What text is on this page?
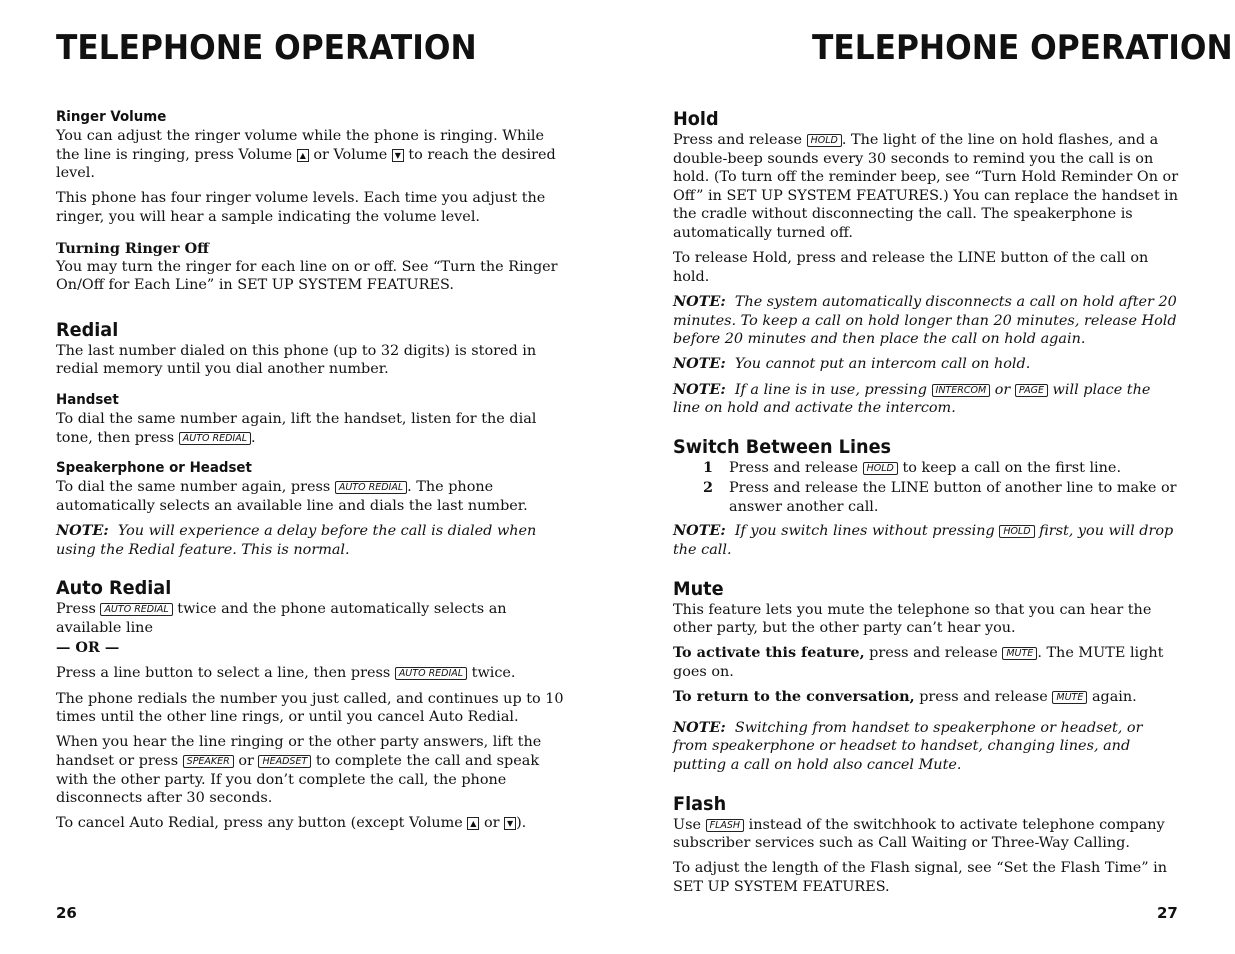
TELEPHONE OPERATION
Ringer Volume

You can adjust the ringer volume while the phone is ringing. While the line is ringing, press Volume ▲ or Volume ▼ to reach the desired level.

This phone has four ringer volume levels. Each time you adjust the ringer, you will hear a sample indicating the volume level.

Turning Ringer Off

You may turn the ringer for each line on or off. See “Turn the Ringer On/Off for Each Line” in SET UP SYSTEM FEATURES.

Redial

The last number dialed on this phone (up to 32 digits) is stored in redial memory until you dial another number.

Handset

To dial the same number again, lift the handset, listen for the dial tone, then press AUTO REDIAL .

Speakerphone or Headset

To dial the same number again, press AUTO REDIAL . The phone automatically selects an available line and dials the last number.

NOTE: You will experience a delay before the call is dialed when using the Redial feature. This is normal.

Auto Redial

Press AUTO REDIAL twice and the phone automatically selects an available line

— OR —

Press a line button to select a line, then press AUTO REDIAL twice.

The phone redials the number you just called, and continues up to 10 times until the other line rings, or until you cancel Auto Redial.

When you hear the line ringing or the other party answers, lift the handset or press SPEAKER or HEADSET to complete the call and speak with the other party. If you don’t complete the call, the phone disconnects after 30 seconds.

To cancel Auto Redial, press any button (except Volume ▲ or ▼ ).

26
TELEPHONE OPERATION
Hold

Press and release HOLD . The light of the line on hold flashes, and a double-beep sounds every 30 seconds to remind you the call is on hold. (To turn off the reminder beep, see “Turn Hold Reminder On or Off” in SET UP SYSTEM FEATURES.) You can replace the handset in the cradle without disconnecting the call. The speakerphone is automatically turned off.

To release Hold, press and release the LINE button of the call on hold.

NOTE: The system automatically disconnects a call on hold after 20 minutes. To keep a call on hold longer than 20 minutes, release Hold before 20 minutes and then place the call on hold again.

NOTE: You cannot put an intercom call on hold.

NOTE: If a line is in use, pressing INTERCOM or PAGE will place the line on hold and activate the intercom.

Switch Between Lines
1	Press and release HOLD to keep a call on the first line.
2	Press and release the LINE button of another line to make or answer another call.

NOTE: If you switch lines without pressing HOLD first, you will drop the call.

Mute

This feature lets you mute the telephone so that you can hear the other party, but the other party can’t hear you.

To activate this feature, press and release MUTE . The MUTE light goes on.

To return to the conversation, press and release MUTE again.

NOTE: Switching from handset to speakerphone or headset, or from speakerphone or headset to handset, changing lines, and putting a call on hold also cancel Mute.

Flash

Use FLASH instead of the switchhook to activate telephone company subscriber services such as Call Waiting or Three-Way Calling.

To adjust the length of the Flash signal, see “Set the Flash Time” in SET UP SYSTEM FEATURES.

27
